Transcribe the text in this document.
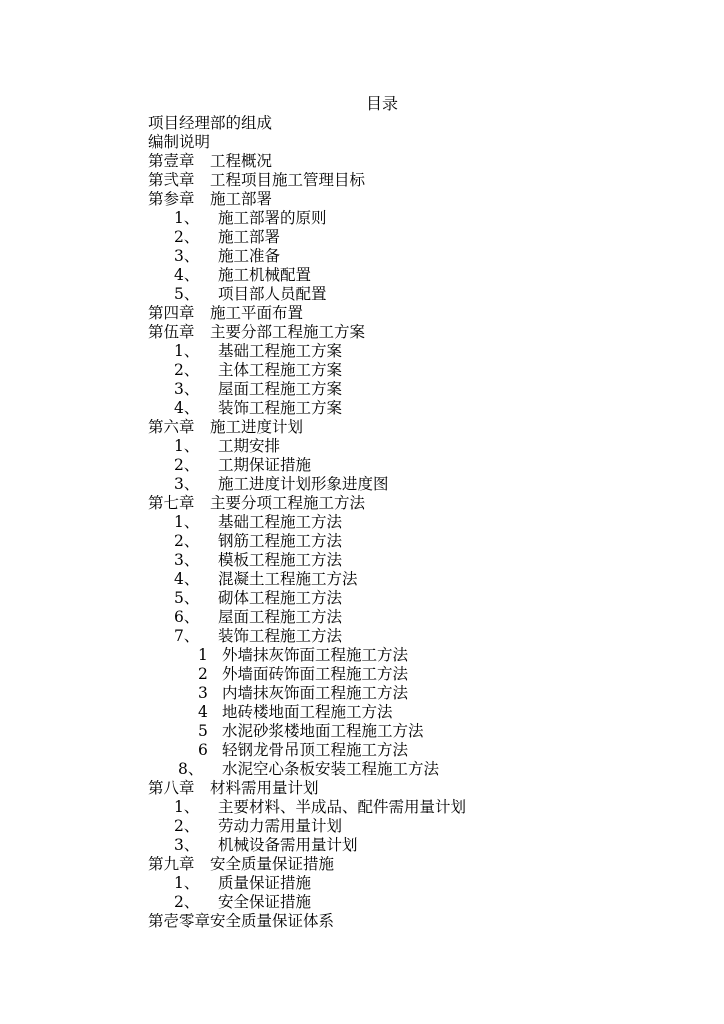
目录
项目经理部的组成
编制说明
第壹章　工程概况
第弐章　工程项目施工管理目标
第参章　施工部署
1、 施工部署的原则
2、 施工部署
3、 施工准备
4、 施工机械配置
5、 项目部人员配置
第四章　施工平面布置
第伍章　主要分部工程施工方案
1、 基础工程施工方案
2、 主体工程施工方案
3、 屋面工程施工方案
4、 装饰工程施工方案
第六章　施工进度计划
1、 工期安排
2、 工期保证措施
3、 施工进度计划形象进度图
第七章　主要分项工程施工方法
1、 基础工程施工方法
2、 钢筋工程施工方法
3、 模板工程施工方法
4、 混凝土工程施工方法
5、 砌体工程施工方法
6、 屋面工程施工方法
7、 装饰工程施工方法
1 外墙抹灰饰面工程施工方法
2 外墙面砖饰面工程施工方法
3 内墙抹灰饰面工程施工方法
4 地砖楼地面工程施工方法
5 水泥砂浆楼地面工程施工方法
6 轻钢龙骨吊顶工程施工方法
8、 水泥空心条板安装工程施工方法
第八章　材料需用量计划
1、 主要材料、半成品、配件需用量计划
2、 劳动力需用量计划
3、 机械设备需用量计划
第九章　安全质量保证措施
1、 质量保证措施
2、 安全保证措施
第壱零章安全质量保证体系
